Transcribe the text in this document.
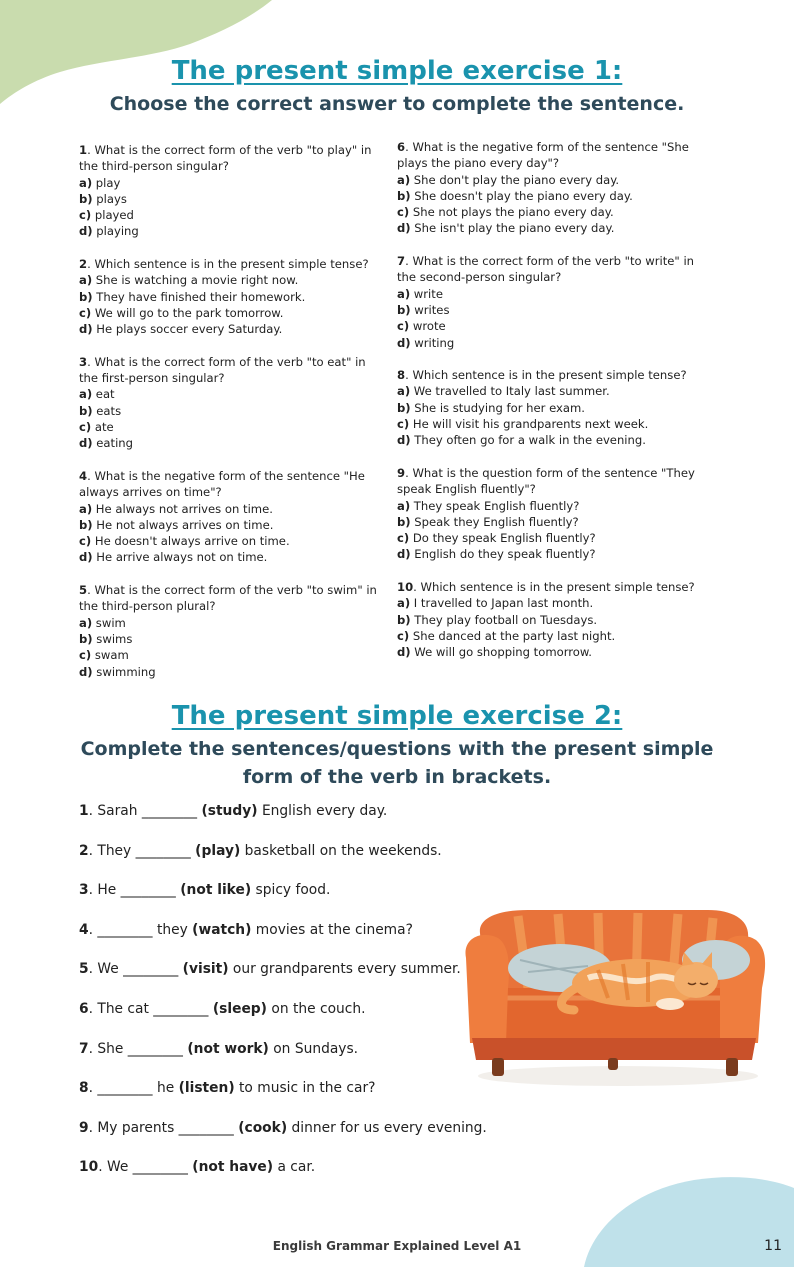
The present simple exercise 1:
Choose the correct answer to complete the sentence.
1. What is the correct form of the verb "to play" in the third-person singular?
a) play
b) plays
c) played
d) playing
2. Which sentence is in the present simple tense?
a) She is watching a movie right now.
b) They have finished their homework.
c) We will go to the park tomorrow.
d) He plays soccer every Saturday.
3. What is the correct form of the verb "to eat" in the first-person singular?
a) eat
b) eats
c) ate
d) eating
4. What is the negative form of the sentence "He always arrives on time"?
a) He always not arrives on time.
b) He not always arrives on time.
c) He doesn't always arrive on time.
d) He arrive always not on time.
5. What is the correct form of the verb "to swim" in the third-person plural?
a) swim
b) swims
c) swam
d) swimming
6. What is the negative form of the sentence "She plays the piano every day"?
a) She don't play the piano every day.
b) She doesn't play the piano every day.
c) She not plays the piano every day.
d) She isn't play the piano every day.
7. What is the correct form of the verb "to write" in the second-person singular?
a) write
b) writes
c) wrote
d) writing
8. Which sentence is in the present simple tense?
a) We travelled to Italy last summer.
b) She is studying for her exam.
c) He will visit his grandparents next week.
d) They often go for a walk in the evening.
9. What is the question form of the sentence "They speak English fluently"?
a) They speak English fluently?
b) Speak they English fluently?
c) Do they speak English fluently?
d) English do they speak fluently?
10. Which sentence is in the present simple tense?
a) I travelled to Japan last month.
b) They play football on Tuesdays.
c) She danced at the party last night.
d) We will go shopping tomorrow.
The present simple exercise 2:
Complete the sentences/questions with the present simple form of the verb in brackets.
1. Sarah ________ (study) English every day.
2. They ________ (play) basketball on the weekends.
3. He ________ (not like) spicy food.
4. ________ they (watch) movies at the cinema?
5. We ________ (visit) our grandparents every summer.
6. The cat ________ (sleep) on the couch.
7. She ________ (not work) on Sundays.
8. ________ he (listen) to music in the car?
9. My parents ________ (cook) dinner for us every evening.
10. We ________ (not have) a car.
English Grammar Explained Level A1	11
